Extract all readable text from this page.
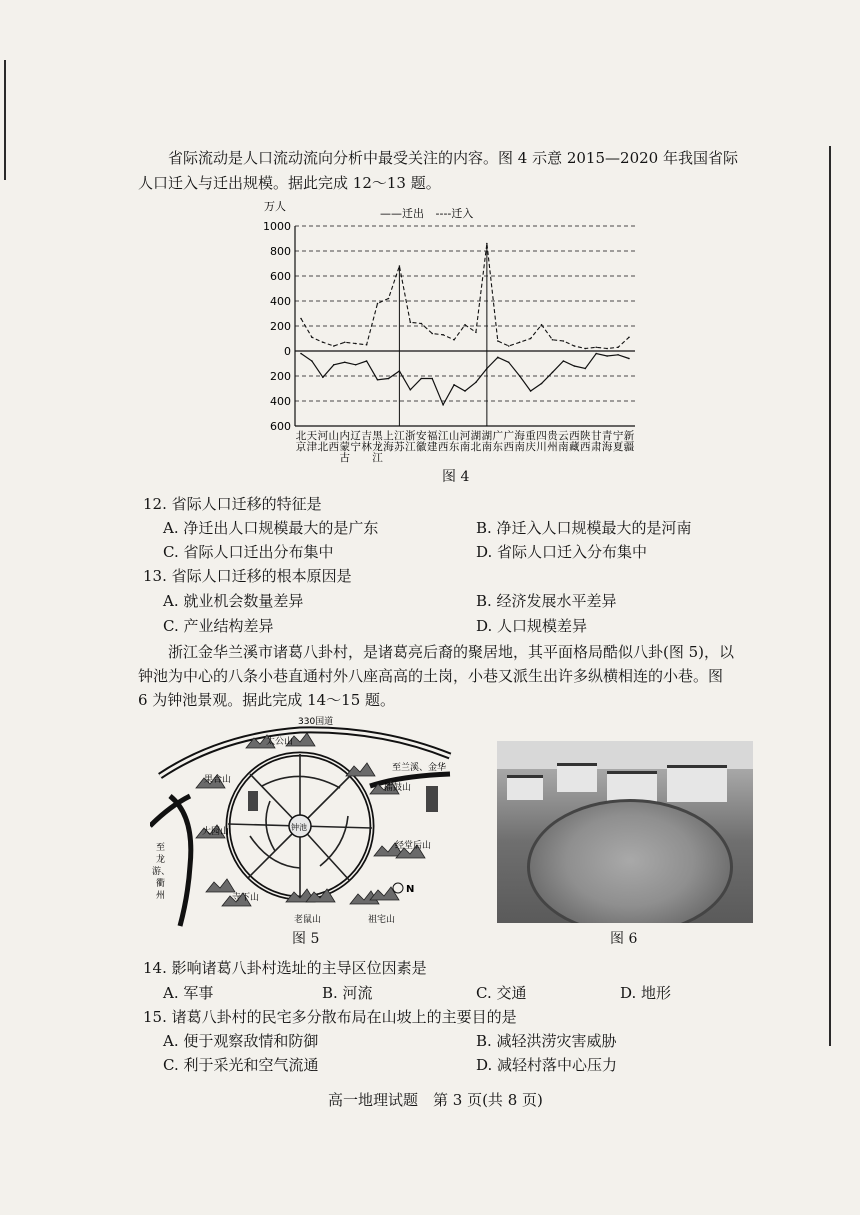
省际流动是人口流动流向分析中最受关注的内容。图 4 示意 2015—2020 年我国省际
人口迁入与迁出规模。据此完成 12～13 题。
万人
——迁出 ----迁入
1000
800
600
400
200
0
200
400
600
北
京
天
津
河
北
山
西
内
蒙
古
辽
宁
吉
林
黑
龙
江
上
海
江
苏
浙
江
安
徽
福
建
江
西
山
东
河
南
湖
北
湖
南
广
东
广
西
海
南
重
庆
四
川
贵
州
云
南
西
藏
陕
西
甘
肃
青
海
宁
夏
新
疆
图 4
12. 省际人口迁移的特征是
A. 净迁出人口规模最大的是广东	B. 净迁入人口规模最大的是河南
C. 省际人口迁出分布集中	D. 省际人口迁入分布集中
13. 省际人口迁移的根本原因是
A. 就业机会数量差异	B. 经济发展水平差异
C. 产业结构差异	D. 人口规模差异
浙江金华兰溪市诸葛八卦村，是诸葛亮后裔的聚居地，其平面格局酷似八卦(图 5)，以
钟池为中心的八条小巷直通村外八座高高的土岗，小巷又派生出许多纵横相连的小巷。图
6 为钟池景观。据此完成 14～15 题。
330国道
至兰溪、金华
至
龙
游、
衢
州
钟池
太公山
果合山
擂鼓山
大园山
经堂后山
寺下山
老鼠山	祖宅山
N
图 5	图 6
14. 影响诸葛八卦村选址的主导区位因素是
A. 军事	B. 河流	C. 交通	D. 地形
15. 诸葛八卦村的民宅多分散布局在山坡上的主要目的是
A. 便于观察敌情和防御	B. 减轻洪涝灾害威胁
C. 利于采光和空气流通	D. 减轻村落中心压力
高一地理试题　第 3 页(共 8 页)
